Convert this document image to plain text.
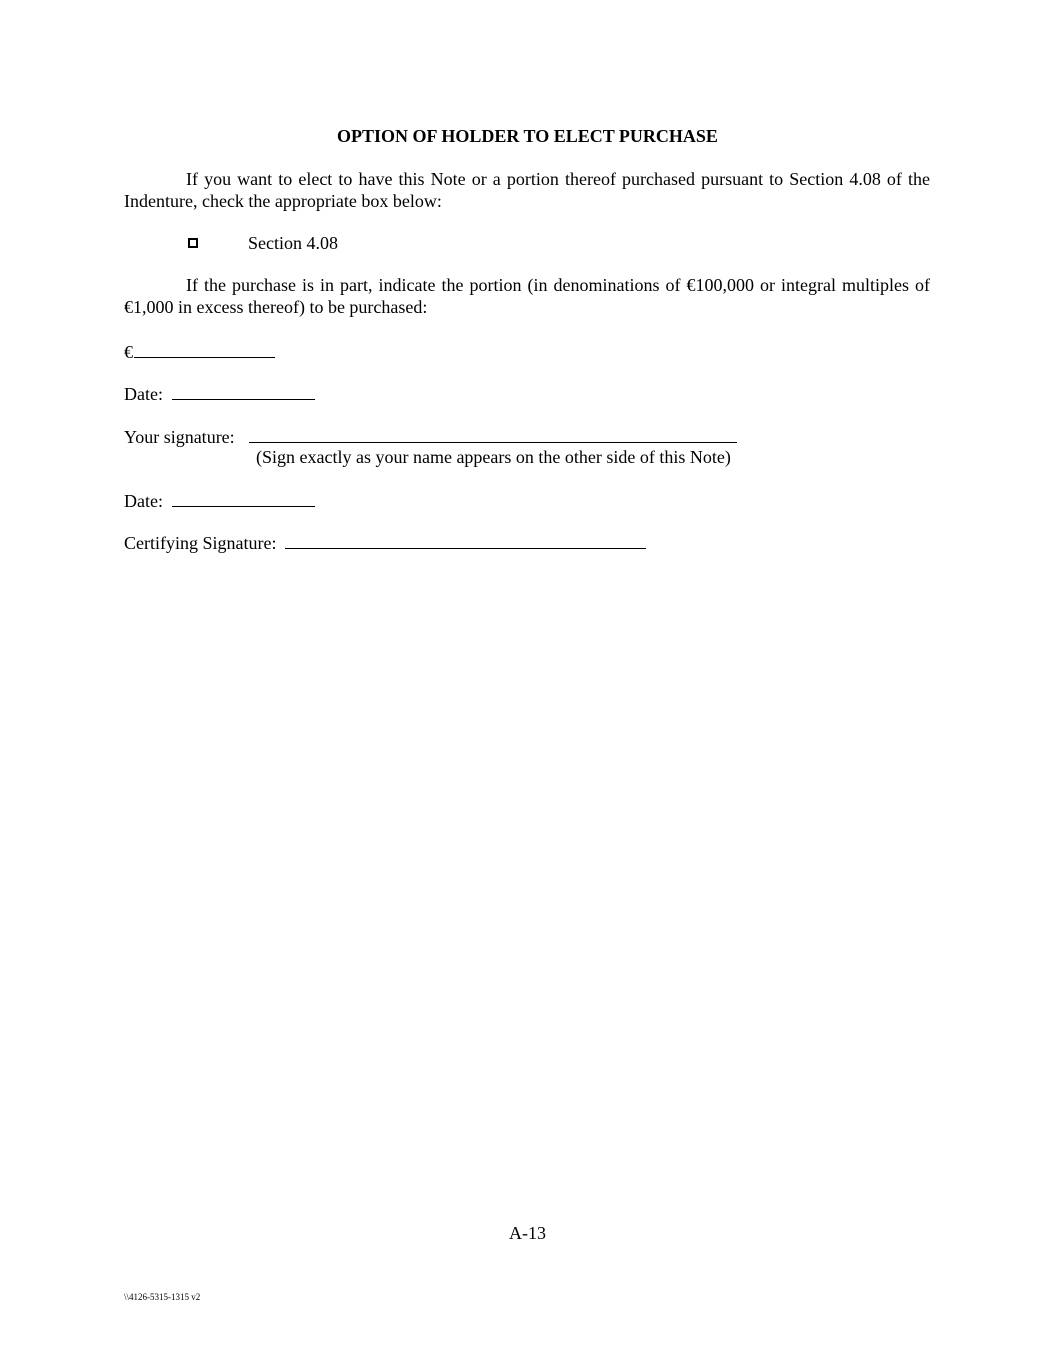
OPTION OF HOLDER TO ELECT PURCHASE
If you want to elect to have this Note or a portion thereof purchased pursuant to Section 4.08 of the Indenture, check the appropriate box below:
Section 4.08
If the purchase is in part, indicate the portion (in denominations of €100,000 or integral multiples of €1,000 in excess thereof) to be purchased:
€
Date:
Your signature:
(Sign exactly as your name appears on the other side of this Note)
Date:
Certifying Signature:
A-13
\\4126-5315-1315 v2
